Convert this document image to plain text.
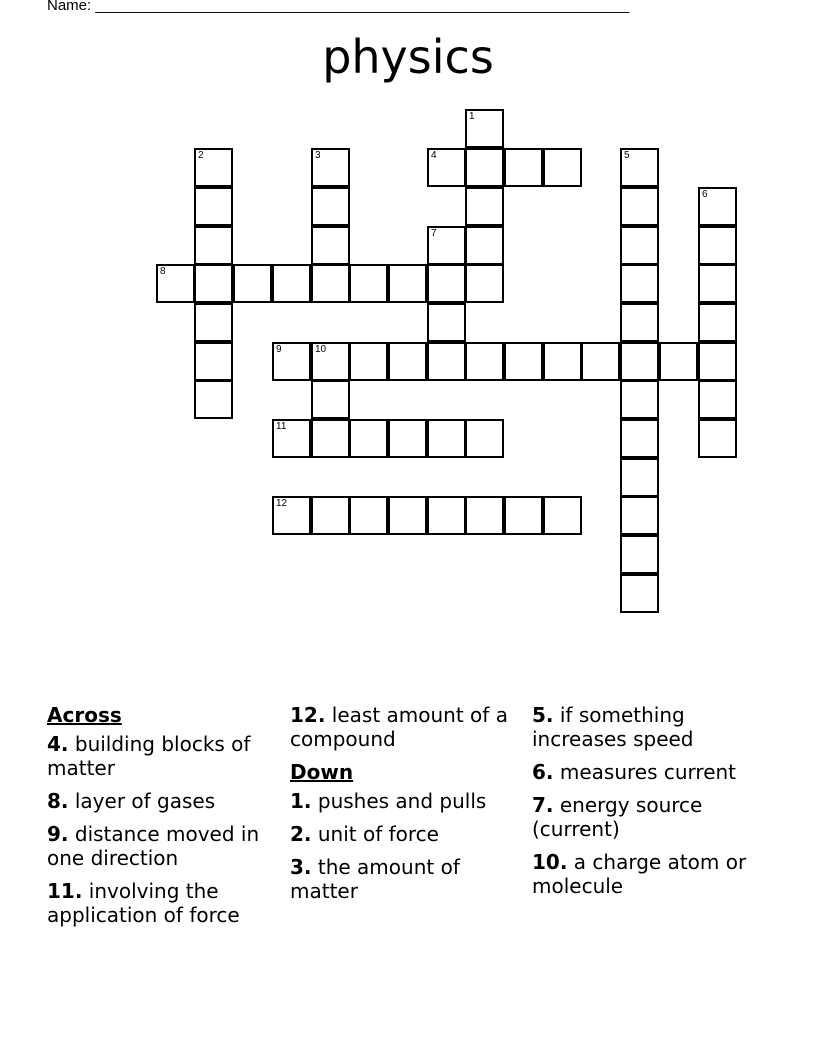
Name: ________________________________________________________________
physics
1
2	3	4	5
6
7
8
9	10
11
12
Across
4. building blocks of matter
8. layer of gases
9. distance moved in one direction
11. involving the application of force
12. least amount of a compound
Down
1. pushes and pulls
2. unit of force
3. the amount of matter
5. if something increases speed
6. measures current
7. energy source (current)
10. a charge atom or molecule
